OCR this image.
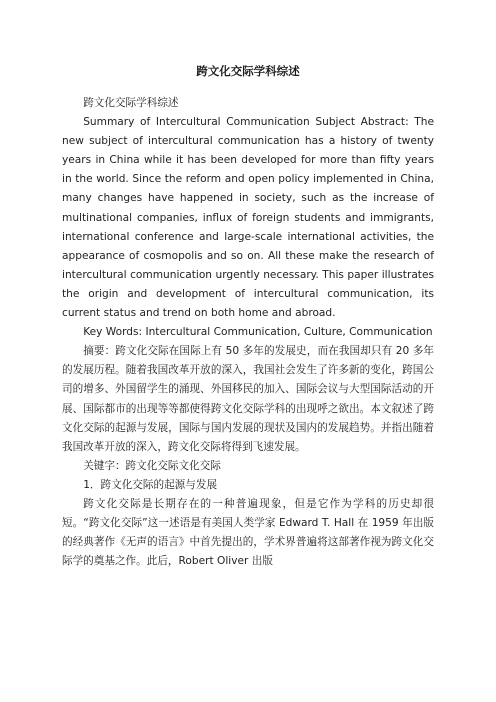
跨文化交际学科综述

跨文化交际学科综述

Summary of Intercultural Communication Subject Abstract: The new subject of intercultural communication has a history of twenty years in China while it has been developed for more than fifty years in the world. Since the reform and open policy implemented in China, many changes have happened in society, such as the increase of multinational companies, influx of foreign students and immigrants, international conference and large-scale international activities, the appearance of cosmopolis and so on. All these make the research of intercultural communication urgently necessary. This paper illustrates the origin and development of intercultural communication, its current status and trend on both home and abroad.

Key Words: Intercultural Communication, Culture, Communication

摘要：跨文化交际在国际上有 50 多年的发展史，而在我国却只有 20 多年的发展历程。随着我国改革开放的深入，我国社会发生了许多新的变化，跨国公司的增多、外国留学生的涌现、外国移民的加入、国际会议与大型国际活动的开展、国际都市的出现等等都使得跨文化交际学科的出现呼之欲出。本文叙述了跨文化交际的起源与发展，国际与国内发展的现状及国内的发展趋势。并指出随着我国改革开放的深入，跨文化交际将得到飞速发展。

关键字：跨文化交际文化交际

1．跨文化交际的起源与发展

跨文化交际是长期存在的一种普遍现象，但是它作为学科的历史却很短。“跨文化交际”这一述语是有美国人类学家 Edward T. Hall 在 1959 年出版的经典著作《无声的语言》中首先提出的，学术界普遍将这部著作视为跨文化交际学的奠基之作。此后，Robert Oliver 出版
